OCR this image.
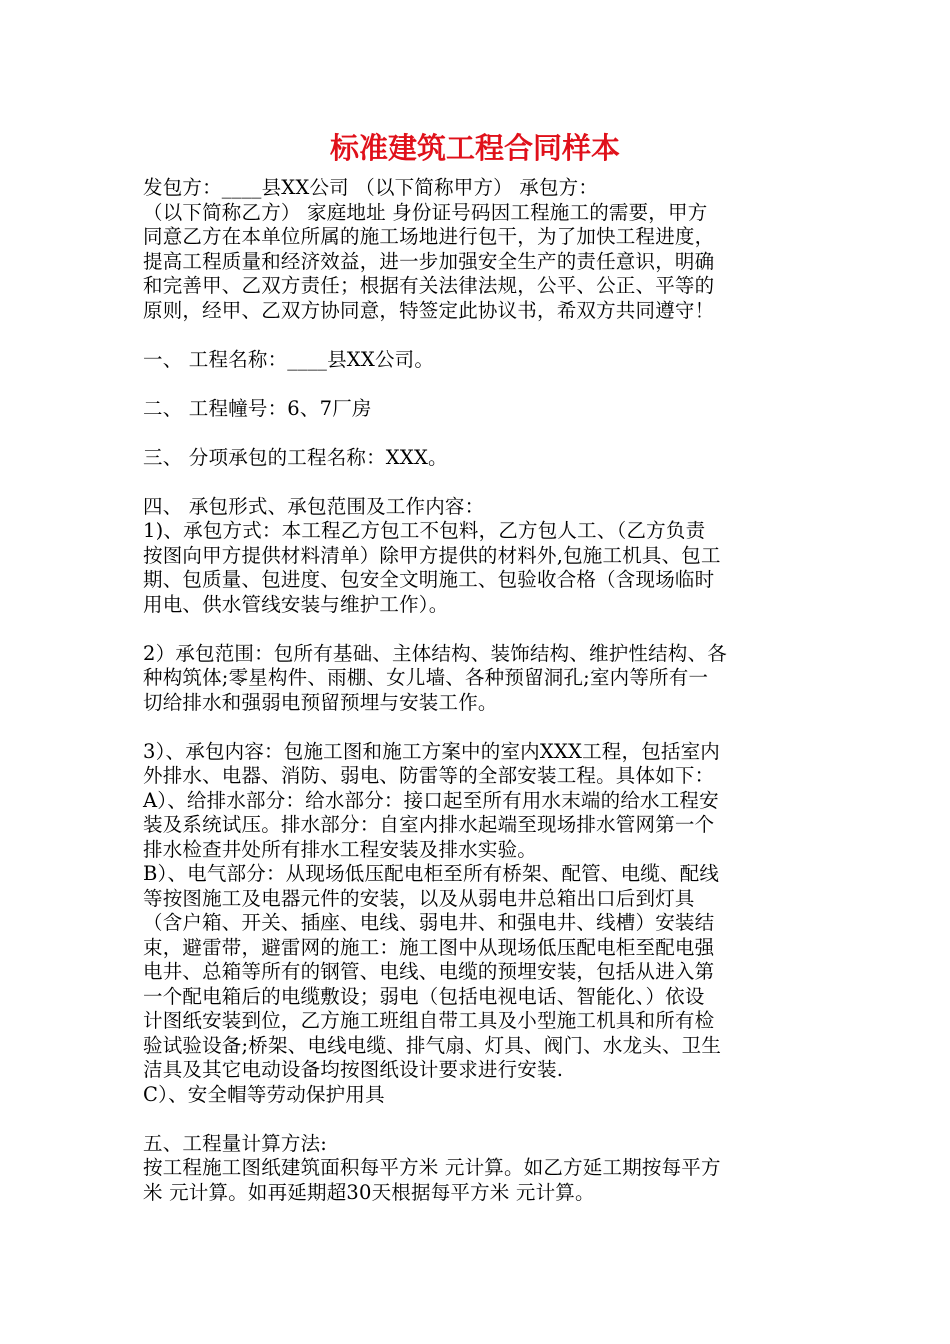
标准建筑工程合同样本

发包方：____县XX公司 （以下简称甲方） 承包方：

（以下简称乙方） 家庭地址 身份证号码因工程施工的需要，甲方

同意乙方在本单位所属的施工场地进行包干，为了加快工程进度，

提高工程质量和经济效益，进一步加强安全生产的责任意识，明确

和完善甲、乙双方责任；根据有关法律法规，公平、公正、平等的

原则，经甲、乙双方协同意，特签定此协议书，希双方共同遵守！

一、 工程名称：____县XX公司。

二、 工程幢号：6、7厂房

三、 分项承包的工程名称：XXX。

四、 承包形式、承包范围及工作内容：

1)、承包方式：本工程乙方包工不包料，乙方包人工、（乙方负责

按图向甲方提供材料清单）除甲方提供的材料外,包施工机具、包工

期、包质量、包进度、包安全文明施工、包验收合格（含现场临时

用电、供水管线安装与维护工作）。

2）承包范围：包所有基础、主体结构、装饰结构、维护性结构、各

种构筑体;零星构件、雨棚、女儿墙、各种预留洞孔;室内等所有一

切给排水和强弱电预留预埋与安装工作。

3）、承包内容：包施工图和施工方案中的室内XXX工程，包括室内

外排水、电器、消防、弱电、防雷等的全部安装工程。具体如下：

A）、给排水部分：给水部分：接口起至所有用水末端的给水工程安

装及系统试压。排水部分：自室内排水起端至现场排水管网第一个

排水检查井处所有排水工程安装及排水实验。

B）、电气部分：从现场低压配电柜至所有桥架、配管、电缆、配线

等按图施工及电器元件的安装，以及从弱电井总箱出口后到灯具

（含户箱、开关、插座、电线、弱电井、和强电井、线槽）安装结

束，避雷带，避雷网的施工：施工图中从现场低压配电柜至配电强

电井、总箱等所有的钢管、电线、电缆的预埋安装，包括从进入第

一个配电箱后的电缆敷设；弱电（包括电视电话、智能化、）依设

计图纸安装到位，乙方施工班组自带工具及小型施工机具和所有检

验试验设备;桥架、电线电缆、排气扇、灯具、阀门、水龙头、卫生

洁具及其它电动设备均按图纸设计要求进行安装.

C）、安全帽等劳动保护用具

五、工程量计算方法:

按工程施工图纸建筑面积每平方米 元计算。如乙方延工期按每平方

米 元计算。如再延期超30天根据每平方米 元计算。
